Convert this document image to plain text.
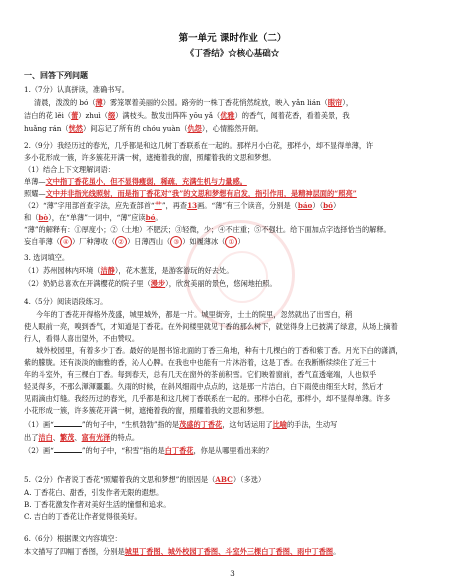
第一单元 课时作业（二）
《丁香结》☆核心基础☆
一、回答下列问题
1.（7分）认真拼读，准确书写。
清晨，泼泼的 bó（薄）雾笼罩着美丽的公园。路旁的一株丁香花悄然绽放，映入 yǎn lián（眼帘），
洁白的花 lěi（蕾）zhuì（缀）满枝头。散发出阵阵 yōu yǎ（优雅）的香气，闻着花香，看着美景，我
huǎng rán（恍然）间忘记了所有的 chóu yuàn（仇怨），心情豁然开朗。
2.（9分）我经历过的春光，几乎都是和这几树丁香联系在一起的。那样月小白花，那样小，却不显得单薄，许
多小花形成一簇，许多簇花开满一树，遮掩着我的窗，照耀着我的文思和梦想。
（1）结合上下文理解词语：
单薄—文中指丁香花虽小，但不显得瘦弱，稀疏，充满生机与力量感。
照耀—文中并非指光线照射，而是指丁香花对“我”的文思和梦想有启发，指引作用，是精神层面的“照亮”
（2）“薄”字用部首查字法，应先查部首“艹”，再查13画。“薄”有三个读音，分别是（báo）（bó）
和（bò），在“单薄”一词中，“薄”应读bó。
“薄”的解释有：①厚度小；②（土地）不肥沃；③轻微，少；④不庄重；⑤不强壮。给下面加点字选择恰当的解释。
妄自菲薄（ ④ ）厂种薄收（ ② ）日薄西山（ ③ ）如履薄冰（ ① ）
3. 选词填空。
（1）苏州园林内环境（洁静），花木葱茏，是游客游玩的好去处。
（2）奶奶总喜欢在开满樱花的院子里（漫步），欣赏美丽的景色，悠闲地拍照。
4.（5分）阅读语段练习。
今年的丁香花开得格外茂盛，城里城外，都是一片。城里街旁，士土的院里，忽然就出了出雪白，稍
使人眼前一亮，嗅到香气，才知道是丁香花。在外间楼里就见丁香的那么树下，就觉得身上已披满了绿意，从场上摘着
行人，看得人喜出望外，不由赞叹。
城外校园里，有着多少丁香。最好的是图书馆北面的丁香三角地，种有十几棵白的丁香和紫丁香。月光下白的潇洒，
紫的朦胧。还有淡淡的幽雅的香，沁人心脾。在我也中也能有一片沐浴着，这是丁香。在我断断续续住了近三十
年的斗室外，有三棵白丁香。每到春天，总有几天在窗外的茶前积雪。它们映着窗前，香气直透毫端，人也似乎
轻灵得多，不那么渾渾噩噩。久雨的时候，在斜风细雨中点点的，这是那一片洁白，白下雨使由细至大时，然后才
见雨滴由灯缝。我经历过的春光，几乎都是和这几树丁香联系在一起的。那样小白花，那样小，却不显得单薄。许多
小花形成一簇，许多簇花开满一树，遮掩着我的窗，照耀着我的文思和梦想。
（1）画“	”的句子中，“生机勃勃”指的是茂盛的丁香花，这句话运用了比喻的手法，生动写
出了洁白、繁茂、富有光泽的特点。
（2）画“	”的句子中，“积雪”指的是白丁香花，你是从哪里看出来的？
5.（2分）作者说丁香花“照耀着我的文思和梦想”的原因是（ABC）（多选）
A. 丁香花白、甜香，引发作者无限的遐想。
B. 丁香花激发作者对美好生活的憧憬和追求。
C. 吉白的丁香花让作者觉得很美好。
6.（6分）根据课文内容填空：
本文描写了四幅丁香图，分别是城里丁香图、城外校园丁香图、斗室外三棵白丁香图、雨中丁香图。
3
